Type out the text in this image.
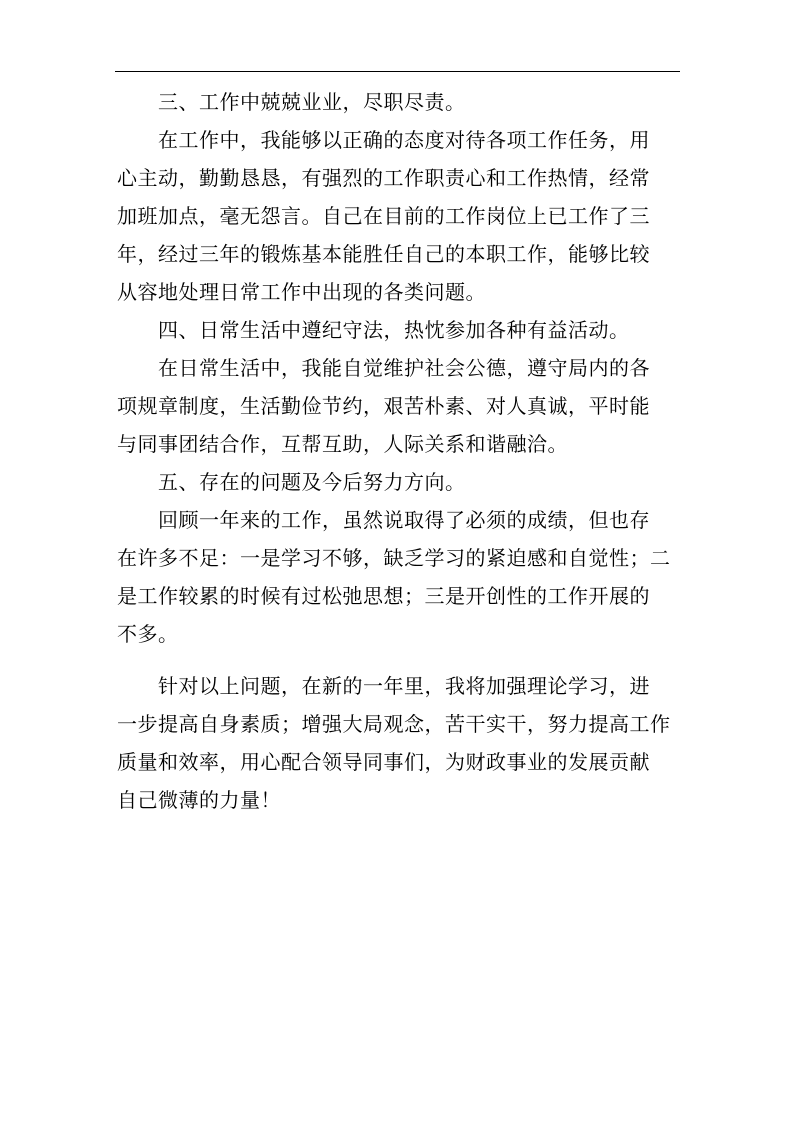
三、工作中兢兢业业，尽职尽责。
在工作中，我能够以正确的态度对待各项工作任务，用
心主动，勤勤恳恳，有强烈的工作职责心和工作热情，经常
加班加点，毫无怨言。自己在目前的工作岗位上已工作了三
年，经过三年的锻炼基本能胜任自己的本职工作，能够比较
从容地处理日常工作中出现的各类问题。
四、日常生活中遵纪守法，热忱参加各种有益活动。
在日常生活中，我能自觉维护社会公德，遵守局内的各
项规章制度，生活勤俭节约，艰苦朴素、对人真诚，平时能
与同事团结合作，互帮互助，人际关系和谐融洽。
五、存在的问题及今后努力方向。
回顾一年来的工作，虽然说取得了必须的成绩，但也存
在许多不足：一是学习不够，缺乏学习的紧迫感和自觉性；二
是工作较累的时候有过松弛思想；三是开创性的工作开展的
不多。
针对以上问题，在新的一年里，我将加强理论学习，进
一步提高自身素质；增强大局观念，苦干实干，努力提高工作
质量和效率，用心配合领导同事们，为财政事业的发展贡献
自己微薄的力量！
